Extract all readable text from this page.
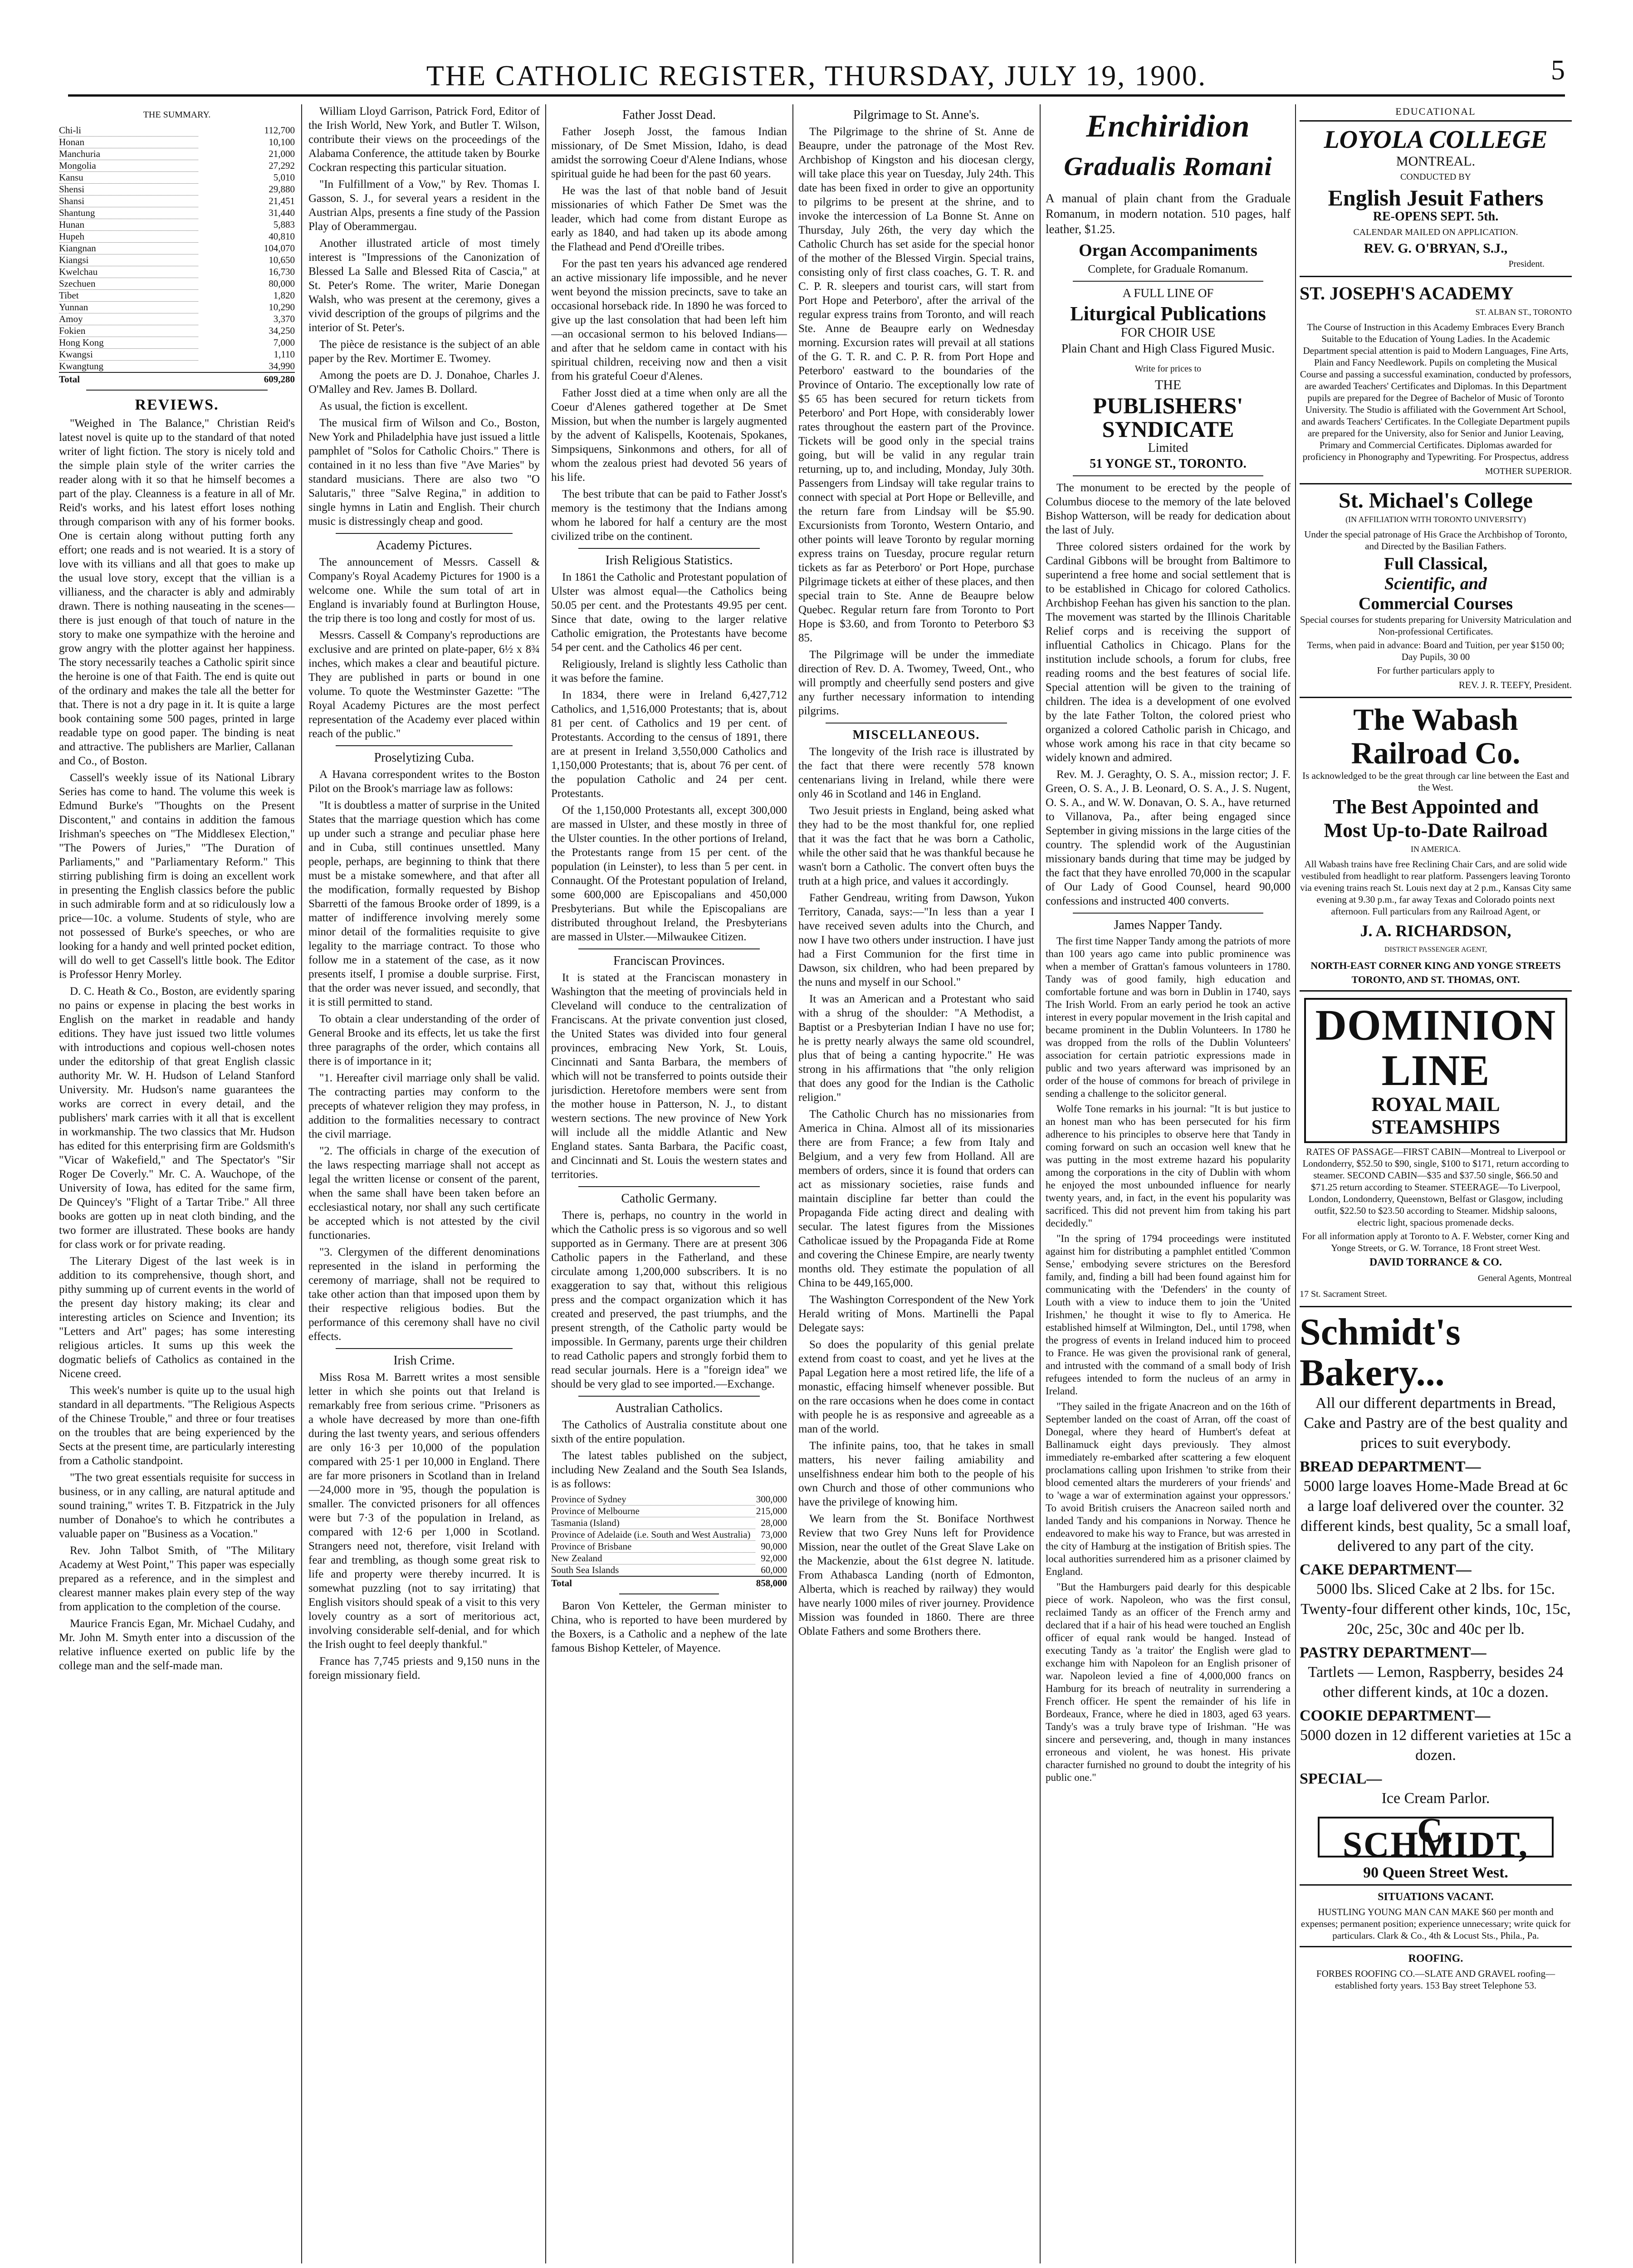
THE CATHOLIC REGISTER, THURSDAY, JULY 19, 1900.	5
THE SUMMARY.
Chi-li	112,700
Honan	10,100
Manchuria	21,000
Mongolia	27,292
Kansu	5,010
Shensi	29,880
Shansi	21,451
Shantung	31,440
Hunan	5,883
Hupeh	40,810
Kiangnan	104,070
Kiangsi	10,650
Kwelchau	16,730
Szechuen	80,000
Tibet	1,820
Yunnan	10,290
Amoy	3,370
Fokien	34,250
Hong Kong	7,000
Kwangsi	1,110
Kwangtung	34,990
Total	609,280
REVIEWS.

"Weighed in The Balance," Christian Reid's latest novel is quite up to the standard of that noted writer of light fiction. The story is nicely told and the simple plain style of the writer carries the reader along with it so that he himself becomes a part of the play. Cleanness is a feature in all of Mr. Reid's works, and his latest effort loses nothing through comparison with any of his former books. One is certain along without putting forth any effort; one reads and is not wearied. It is a story of love with its villians and all that goes to make up the usual love story, except that the villian is a villianess, and the character is ably and admirably drawn. There is nothing nauseating in the scenes—there is just enough of that touch of nature in the story to make one sympathize with the heroine and grow angry with the plotter against her happiness. The story necessarily teaches a Catholic spirit since the heroine is one of that Faith. The end is quite out of the ordinary and makes the tale all the better for that. There is not a dry page in it. It is quite a large book containing some 500 pages, printed in large readable type on good paper. The binding is neat and attractive. The publishers are Marlier, Callanan and Co., of Boston.

Cassell's weekly issue of its National Library Series has come to hand. The volume this week is Edmund Burke's "Thoughts on the Present Discontent," and contains in addition the famous Irishman's speeches on "The Middlesex Election," "The Powers of Juries," "The Duration of Parliaments," and "Parliamentary Reform." This stirring publishing firm is doing an excellent work in presenting the English classics before the public in such admirable form and at so ridiculously low a price—10c. a volume. Students of style, who are not possessed of Burke's speeches, or who are looking for a handy and well printed pocket edition, will do well to get Cassell's little book. The Editor is Professor Henry Morley.

D. C. Heath & Co., Boston, are evidently sparing no pains or expense in placing the best works in English on the market in readable and handy editions. They have just issued two little volumes with introductions and copious well-chosen notes under the editorship of that great English classic authority Mr. W. H. Hudson of Leland Stanford University. Mr. Hudson's name guarantees the works are correct in every detail, and the publishers' mark carries with it all that is excellent in workmanship. The two classics that Mr. Hudson has edited for this enterprising firm are Goldsmith's "Vicar of Wakefield," and The Spectator's "Sir Roger De Coverly." Mr. C. A. Wauchope, of the University of Iowa, has edited for the same firm, De Quincey's "Flight of a Tartar Tribe." All three books are gotten up in neat cloth binding, and the two former are illustrated. These books are handy for class work or for private reading.

The Literary Digest of the last week is in addition to its comprehensive, though short, and pithy summing up of current events in the world of the present day history making; its clear and interesting articles on Science and Invention; its "Letters and Art" pages; has some interesting religious articles. It sums up this week the dogmatic beliefs of Catholics as contained in the Nicene creed.

This week's number is quite up to the usual high standard in all departments. "The Religious Aspects of the Chinese Trouble," and three or four treatises on the troubles that are being experienced by the Sects at the present time, are particularly interesting from a Catholic standpoint.

"The two great essentials requisite for success in business, or in any calling, are natural aptitude and sound training," writes T. B. Fitzpatrick in the July number of Donahoe's to which he contributes a valuable paper on "Business as a Vocation."

Rev. John Talbot Smith, of "The Military Academy at West Point," This paper was especially prepared as a reference, and in the simplest and clearest manner makes plain every step of the way from application to the completion of the course.

Maurice Francis Egan, Mr. Michael Cudahy, and Mr. John M. Smyth enter into a discussion of the relative influence exerted on public life by the college man and the self-made man.

William Lloyd Garrison, Patrick Ford, Editor of the Irish World, New York, and Butler T. Wilson, contribute their views on the proceedings of the Alabama Conference, the attitude taken by Bourke Cockran respecting this particular situation.

"In Fulfillment of a Vow," by Rev. Thomas I. Gasson, S. J., for several years a resident in the Austrian Alps, presents a fine study of the Passion Play of Oberammergau.

Another illustrated article of most timely interest is "Impressions of the Canonization of Blessed La Salle and Blessed Rita of Cascia," at St. Peter's Rome. The writer, Marie Donegan Walsh, who was present at the ceremony, gives a vivid description of the groups of pilgrims and the interior of St. Peter's.

The pièce de resistance is the subject of an able paper by the Rev. Mortimer E. Twomey.

Among the poets are D. J. Donahoe, Charles J. O'Malley and Rev. James B. Dollard.

As usual, the fiction is excellent.

The musical firm of Wilson and Co., Boston, New York and Philadelphia have just issued a little pamphlet of "Solos for Catholic Choirs." There is contained in it no less than five "Ave Maries" by standard musicians. There are also two "O Salutaris," three "Salve Regina," in addition to single hymns in Latin and English. Their church music is distressingly cheap and good.

Academy Pictures.

The announcement of Messrs. Cassell & Company's Royal Academy Pictures for 1900 is a welcome one. While the sum total of art in England is invariably found at Burlington House, the trip there is too long and costly for most of us.

Messrs. Cassell & Company's reproductions are exclusive and are printed on plate-paper, 6½ x 8¾ inches, which makes a clear and beautiful picture. They are published in parts or bound in one volume. To quote the Westminster Gazette: "The Royal Academy Pictures are the most perfect representation of the Academy ever placed within reach of the public."

Proselytizing Cuba.

A Havana correspondent writes to the Boston Pilot on the Brook's marriage law as follows:

"It is doubtless a matter of surprise in the United States that the marriage question which has come up under such a strange and peculiar phase here and in Cuba, still continues unsettled. Many people, perhaps, are beginning to think that there must be a mistake somewhere, and that after all the modification, formally requested by Bishop Sbarretti of the famous Brooke order of 1899, is a matter of indifference involving merely some minor detail of the formalities requisite to give legality to the marriage contract. To those who follow me in a statement of the case, as it now presents itself, I promise a double surprise. First, that the order was never issued, and secondly, that it is still permitted to stand.

To obtain a clear understanding of the order of General Brooke and its effects, let us take the first three paragraphs of the order, which contains all there is of importance in it;

"1. Hereafter civil marriage only shall be valid. The contracting parties may conform to the precepts of whatever religion they may profess, in addition to the formalities necessary to contract the civil marriage.

"2. The officials in charge of the execution of the laws respecting marriage shall not accept as legal the written license or consent of the parent, when the same shall have been taken before an ecclesiastical notary, nor shall any such certificate be accepted which is not attested by the civil functionaries.

"3. Clergymen of the different denominations represented in the island in performing the ceremony of marriage, shall not be required to take other action than that imposed upon them by their respective religious bodies. But the performance of this ceremony shall have no civil effects.

Irish Crime.

Miss Rosa M. Barrett writes a most sensible letter in which she points out that Ireland is remarkably free from serious crime. "Prisoners as a whole have decreased by more than one-fifth during the last twenty years, and serious offenders are only 16·3 per 10,000 of the population compared with 25·1 per 10,000 in England. There are far more prisoners in Scotland than in Ireland—24,000 more in '95, though the population is smaller. The convicted prisoners for all offences were but 7·3 of the population in Ireland, as compared with 12·6 per 1,000 in Scotland. Strangers need not, therefore, visit Ireland with fear and trembling, as though some great risk to life and property were thereby incurred. It is somewhat puzzling (not to say irritating) that English visitors should speak of a visit to this very lovely country as a sort of meritorious act, involving considerable self-denial, and for which the Irish ought to feel deeply thankful."

France has 7,745 priests and 9,150 nuns in the foreign missionary field.

Father Josst Dead.

Father Joseph Josst, the famous Indian missionary, of De Smet Mission, Idaho, is dead amidst the sorrowing Coeur d'Alene Indians, whose spiritual guide he had been for the past 60 years.

He was the last of that noble band of Jesuit missionaries of which Father De Smet was the leader, which had come from distant Europe as early as 1840, and had taken up its abode among the Flathead and Pend d'Oreille tribes.

For the past ten years his advanced age rendered an active missionary life impossible, and he never went beyond the mission precincts, save to take an occasional horseback ride. In 1890 he was forced to give up the last consolation that had been left him—an occasional sermon to his beloved Indians—and after that he seldom came in contact with his spiritual children, receiving now and then a visit from his grateful Coeur d'Alenes.

Father Josst died at a time when only are all the Coeur d'Alenes gathered together at De Smet Mission, but when the number is largely augmented by the advent of Kalispells, Kootenais, Spokanes, Simpsiquens, Sinkonmons and others, for all of whom the zealous priest had devoted 56 years of his life.

The best tribute that can be paid to Father Josst's memory is the testimony that the Indians among whom he labored for half a century are the most civilized tribe on the continent.

Irish Religious Statistics.

In 1861 the Catholic and Protestant population of Ulster was almost equal—the Catholics being 50.05 per cent. and the Protestants 49.95 per cent. Since that date, owing to the larger relative Catholic emigration, the Protestants have become 54 per cent. and the Catholics 46 per cent.

Religiously, Ireland is slightly less Catholic than it was before the famine.

In 1834, there were in Ireland 6,427,712 Catholics, and 1,516,000 Protestants; that is, about 81 per cent. of Catholics and 19 per cent. of Protestants. According to the census of 1891, there are at present in Ireland 3,550,000 Catholics and 1,150,000 Protestants; that is, about 76 per cent. of the population Catholic and 24 per cent. Protestants.

Of the 1,150,000 Protestants all, except 300,000 are massed in Ulster, and these mostly in three of the Ulster counties. In the other portions of Ireland, the Protestants range from 15 per cent. of the population (in Leinster), to less than 5 per cent. in Connaught. Of the Protestant population of Ireland, some 600,000 are Episcopalians and 450,000 Presbyterians. But while the Episcopalians are distributed throughout Ireland, the Presbyterians are massed in Ulster.—Milwaukee Citizen.

Franciscan Provinces.

It is stated at the Franciscan monastery in Washington that the meeting of provincials held in Cleveland will conduce to the centralization of Franciscans. At the private convention just closed, the United States was divided into four general provinces, embracing New York, St. Louis, Cincinnati and Santa Barbara, the members of which will not be transferred to points outside their jurisdiction. Heretofore members were sent from the mother house in Patterson, N. J., to distant western sections. The new province of New York will include all the middle Atlantic and New England states. Santa Barbara, the Pacific coast, and Cincinnati and St. Louis the western states and territories.

Catholic Germany.

There is, perhaps, no country in the world in which the Catholic press is so vigorous and so well supported as in Germany. There are at present 306 Catholic papers in the Fatherland, and these circulate among 1,200,000 subscribers. It is no exaggeration to say that, without this religious press and the compact organization which it has created and preserved, the past triumphs, and the present strength, of the Catholic party would be impossible. In Germany, parents urge their children to read Catholic papers and strongly forbid them to read secular journals. Here is a "foreign idea" we should be very glad to see imported.—Exchange.

Australian Catholics.

The Catholics of Australia constitute about one sixth of the entire population.

The latest tables published on the subject, including New Zealand and the South Sea Islands, is as follows:

Province of Sydney	300,000
Province of Melbourne	215,000
Tasmania (Island)	28,000
Province of Adelaide (i.e. South and West Australia)	73,000
Province of Brisbane	90,000
New Zealand	92,000
South Sea Islands	60,000
Total	858,000

Baron Von Ketteler, the German minister to China, who is reported to have been murdered by the Boxers, is a Catholic and a nephew of the late famous Bishop Ketteler, of Mayence.

Pilgrimage to St. Anne's.

The Pilgrimage to the shrine of St. Anne de Beaupre, under the patronage of the Most Rev. Archbishop of Kingston and his diocesan clergy, will take place this year on Tuesday, July 24th. This date has been fixed in order to give an opportunity to pilgrims to be present at the shrine, and to invoke the intercession of La Bonne St. Anne on Thursday, July 26th, the very day which the Catholic Church has set aside for the special honor of the mother of the Blessed Virgin. Special trains, consisting only of first class coaches, G. T. R. and C. P. R. sleepers and tourist cars, will start from Port Hope and Peterboro', after the arrival of the regular express trains from Toronto, and will reach Ste. Anne de Beaupre early on Wednesday morning. Excursion rates will prevail at all stations of the G. T. R. and C. P. R. from Port Hope and Peterboro' eastward to the boundaries of the Province of Ontario. The exceptionally low rate of $5 65 has been secured for return tickets from Peterboro' and Port Hope, with considerably lower rates throughout the eastern part of the Province. Tickets will be good only in the special trains going, but will be valid in any regular train returning, up to, and including, Monday, July 30th. Passengers from Lindsay will take regular trains to connect with special at Port Hope or Belleville, and the return fare from Lindsay will be $5.90. Excursionists from Toronto, Western Ontario, and other points will leave Toronto by regular morning express trains on Tuesday, procure regular return tickets as far as Peterboro' or Port Hope, purchase Pilgrimage tickets at either of these places, and then special train to Ste. Anne de Beaupre below Quebec. Regular return fare from Toronto to Port Hope is $3.60, and from Toronto to Peterboro $3 85.

The Pilgrimage will be under the immediate direction of Rev. D. A. Twomey, Tweed, Ont., who will promptly and cheerfully send posters and give any further necessary information to intending pilgrims.

MISCELLANEOUS.

The longevity of the Irish race is illustrated by the fact that there were recently 578 known centenarians living in Ireland, while there were only 46 in Scotland and 146 in England.

Two Jesuit priests in England, being asked what they had to be the most thankful for, one replied that it was the fact that he was born a Catholic, while the other said that he was thankful because he wasn't born a Catholic. The convert often buys the truth at a high price, and values it accordingly.

Father Gendreau, writing from Dawson, Yukon Territory, Canada, says:—"In less than a year I have received seven adults into the Church, and now I have two others under instruction. I have just had a First Communion for the first time in Dawson, six children, who had been prepared by the nuns and myself in our School."

It was an American and a Protestant who said with a shrug of the shoulder: "A Methodist, a Baptist or a Presbyterian Indian I have no use for; he is pretty nearly always the same old scoundrel, plus that of being a canting hypocrite." He was strong in his affirmations that "the only religion that does any good for the Indian is the Catholic religion."

The Catholic Church has no missionaries from America in China. Almost all of its missionaries there are from France; a few from Italy and Belgium, and a very few from Holland. All are members of orders, since it is found that orders can act as missionary societies, raise funds and maintain discipline far better than could the Propaganda Fide acting direct and dealing with secular. The latest figures from the Missiones Catholicae issued by the Propaganda Fide at Rome and covering the Chinese Empire, are nearly twenty months old. They estimate the population of all China to be 449,165,000.

The Washington Correspondent of the New York Herald writing of Mons. Martinelli the Papal Delegate says:

So does the popularity of this genial prelate extend from coast to coast, and yet he lives at the Papal Legation here a most retired life, the life of a monastic, effacing himself whenever possible. But on the rare occasions when he does come in contact with people he is as responsive and agreeable as a man of the world.

The infinite pains, too, that he takes in small matters, his never failing amiability and unselfishness endear him both to the people of his own Church and those of other communions who have the privilege of knowing him.

We learn from the St. Boniface Northwest Review that two Grey Nuns left for Providence Mission, near the outlet of the Great Slave Lake on the Mackenzie, about the 61st degree N. latitude. From Athabasca Landing (north of Edmonton, Alberta, which is reached by railway) they would have nearly 1000 miles of river journey. Providence Mission was founded in 1860. There are three Oblate Fathers and some Brothers there.

Enchiridion
Gradualis Romani

A manual of plain chant from the Graduale Romanum, in modern notation. 510 pages, half leather, $1.25.

Organ Accompaniments

Complete, for Graduale Romanum.

A FULL LINE OF

Liturgical Publications

FOR CHOIR USE

Plain Chant and High Class Figured Music.

Write for prices to

THE

PUBLISHERS' SYNDICATE

Limited

51 YONGE ST., TORONTO.

The monument to be erected by the people of Columbus diocese to the memory of the late beloved Bishop Watterson, will be ready for dedication about the last of July.

Three colored sisters ordained for the work by Cardinal Gibbons will be brought from Baltimore to superintend a free home and social settlement that is to be established in Chicago for colored Catholics. Archbishop Feehan has given his sanction to the plan. The movement was started by the Illinois Charitable Relief corps and is receiving the support of influential Catholics in Chicago. Plans for the institution include schools, a forum for clubs, free reading rooms and the best features of social life. Special attention will be given to the training of children. The idea is a development of one evolved by the late Father Tolton, the colored priest who organized a colored Catholic parish in Chicago, and whose work among his race in that city became so widely known and admired.

Rev. M. J. Geraghty, O. S. A., mission rector; J. F. Green, O. S. A., J. B. Leonard, O. S. A., J. S. Nugent, O. S. A., and W. W. Donavan, O. S. A., have returned to Villanova, Pa., after being engaged since September in giving missions in the large cities of the country. The splendid work of the Augustinian missionary bands during that time may be judged by the fact that they have enrolled 70,000 in the scapular of Our Lady of Good Counsel, heard 90,000 confessions and instructed 400 converts.

James Napper Tandy.

The first time Napper Tandy among the patriots of more than 100 years ago came into public prominence was when a member of Grattan's famous volunteers in 1780. Tandy was of good family, high education and comfortable fortune and was born in Dublin in 1740, says The Irish World. From an early period he took an active interest in every popular movement in the Irish capital and became prominent in the Dublin Volunteers. In 1780 he was dropped from the rolls of the Dublin Volunteers' association for certain patriotic expressions made in public and two years afterward was imprisoned by an order of the house of commons for breach of privilege in sending a challenge to the solicitor general.

Wolfe Tone remarks in his journal: "It is but justice to an honest man who has been persecuted for his firm adherence to his principles to observe here that Tandy in coming forward on such an occasion well knew that he was putting in the most extreme hazard his popularity among the corporations in the city of Dublin with whom he enjoyed the most unbounded influence for nearly twenty years, and, in fact, in the event his popularity was sacrificed. This did not prevent him from taking his part decidedly."

"In the spring of 1794 proceedings were instituted against him for distributing a pamphlet entitled 'Common Sense,' embodying severe strictures on the Beresford family, and, finding a bill had been found against him for communicating with the 'Defenders' in the county of Louth with a view to induce them to join the 'United Irishmen,' he thought it wise to fly to America. He established himself at Wilmington, Del., until 1798, when the progress of events in Ireland induced him to proceed to France. He was given the provisional rank of general, and intrusted with the command of a small body of Irish refugees intended to form the nucleus of an army in Ireland.

"They sailed in the frigate Anacreon and on the 16th of September landed on the coast of Arran, off the coast of Donegal, where they heard of Humbert's defeat at Ballinamuck eight days previously. They almost immediately re-embarked after scattering a few eloquent proclamations calling upon Irishmen 'to strike from their blood cemented altars the murderers of your friends' and to 'wage a war of extermination against your oppressors.' To avoid British cruisers the Anacreon sailed north and landed Tandy and his companions in Norway. Thence he endeavored to make his way to France, but was arrested in the city of Hamburg at the instigation of British spies. The local authorities surrendered him as a prisoner claimed by England.

"But the Hamburgers paid dearly for this despicable piece of work. Napoleon, who was the first consul, reclaimed Tandy as an officer of the French army and declared that if a hair of his head were touched an English officer of equal rank would be hanged. Instead of executing Tandy as 'a traitor' the English were glad to exchange him with Napoleon for an English prisoner of war. Napoleon levied a fine of 4,000,000 francs on Hamburg for its breach of neutrality in surrendering a French officer. He spent the remainder of his life in Bordeaux, France, where he died in 1803, aged 63 years. Tandy's was a truly brave type of Irishman. "He was sincere and persevering, and, though in many instances erroneous and violent, he was honest. His private character furnished no ground to doubt the integrity of his public one."

EDUCATIONAL

LOYOLA COLLEGE

MONTREAL.

CONDUCTED BY

English Jesuit Fathers

RE-OPENS SEPT. 5th.

CALENDAR MAILED ON APPLICATION.

REV. G. O'BRYAN, S.J.,

President.

ST. JOSEPH'S ACADEMY

ST. ALBAN ST., TORONTO

The Course of Instruction in this Academy Embraces Every Branch Suitable to the Education of Young Ladies. In the Academic Department special attention is paid to Modern Languages, Fine Arts, Plain and Fancy Needlework. Pupils on completing the Musical Course and passing a successful examination, conducted by professors, are awarded Teachers' Certificates and Diplomas. In this Department pupils are prepared for the Degree of Bachelor of Music of Toronto University. The Studio is affiliated with the Government Art School, and awards Teachers' Certificates. In the Collegiate Department pupils are prepared for the University, also for Senior and Junior Leaving, Primary and Commercial Certificates. Diplomas awarded for proficiency in Phonography and Typewriting. For Prospectus, address

MOTHER SUPERIOR.

St. Michael's College

(IN AFFILIATION WITH TORONTO UNIVERSITY)

Under the special patronage of His Grace the Archbishop of Toronto, and Directed by the Basilian Fathers.

Full Classical,
Scientific, and
Commercial Courses

Special courses for students preparing for University Matriculation and Non-professional Certificates.

Terms, when paid in advance: Board and Tuition, per year $150 00; Day Pupils, 30 00

For further particulars apply to

REV. J. R. TEEFY, President.

The Wabash
Railroad Co.

Is acknowledged to be the great through car line between the East and the West.

The Best Appointed and
Most Up-to-Date Railroad

IN AMERICA.

All Wabash trains have free Reclining Chair Cars, and are solid wide vestibuled from headlight to rear platform. Passengers leaving Toronto via evening trains reach St. Louis next day at 2 p.m., Kansas City same evening at 9.30 p.m., far away Texas and Colorado points next afternoon. Full particulars from any Railroad Agent, or

J. A. RICHARDSON,

DISTRICT PASSENGER AGENT,

NORTH-EAST CORNER KING AND YONGE STREETS TORONTO, AND ST. THOMAS, ONT.

DOMINION LINE
ROYAL MAIL
STEAMSHIPS

RATES OF PASSAGE—FIRST CABIN—Montreal to Liverpool or Londonderry, $52.50 to $90, single, $100 to $171, return according to steamer. SECOND CABIN—$35 and $37.50 single, $66.50 and $71.25 return according to Steamer. STEERAGE—To Liverpool, London, Londonderry, Queenstown, Belfast or Glasgow, including outfit, $22.50 to $23.50 according to Steamer. Midship saloons, electric light, spacious promenade decks.

For all information apply at Toronto to A. F. Webster, corner King and Yonge Streets, or G. W. Torrance, 18 Front street West.

DAVID TORRANCE & CO.

General Agents, Montreal

17 St. Sacrament Street.

Schmidt's
Bakery...

All our different departments in Bread, Cake and Pastry are of the best quality and prices to suit everybody.

BREAD DEPARTMENT—

5000 large loaves Home-Made Bread at 6c a large loaf delivered over the counter. 32 different kinds, best quality, 5c a small loaf, delivered to any part of the city.

CAKE DEPARTMENT—

5000 lbs. Sliced Cake at 2 lbs. for 15c. Twenty-four different other kinds, 10c, 15c, 20c, 25c, 30c and 40c per lb.

PASTRY DEPARTMENT—

Tartlets — Lemon, Raspberry, besides 24 other different kinds, at 10c a dozen.

COOKIE DEPARTMENT—

5000 dozen in 12 different varieties at 15c a dozen.

SPECIAL—

Ice Cream Parlor.

C. SCHMIDT,

90 Queen Street West.

SITUATIONS VACANT.

HUSTLING YOUNG MAN CAN MAKE $60 per month and expenses; permanent position; experience unnecessary; write quick for particulars. Clark & Co., 4th & Locust Sts., Phila., Pa.

ROOFING.

FORBES ROOFING CO.—SLATE AND GRAVEL roofing—established forty years. 153 Bay street Telephone 53.
